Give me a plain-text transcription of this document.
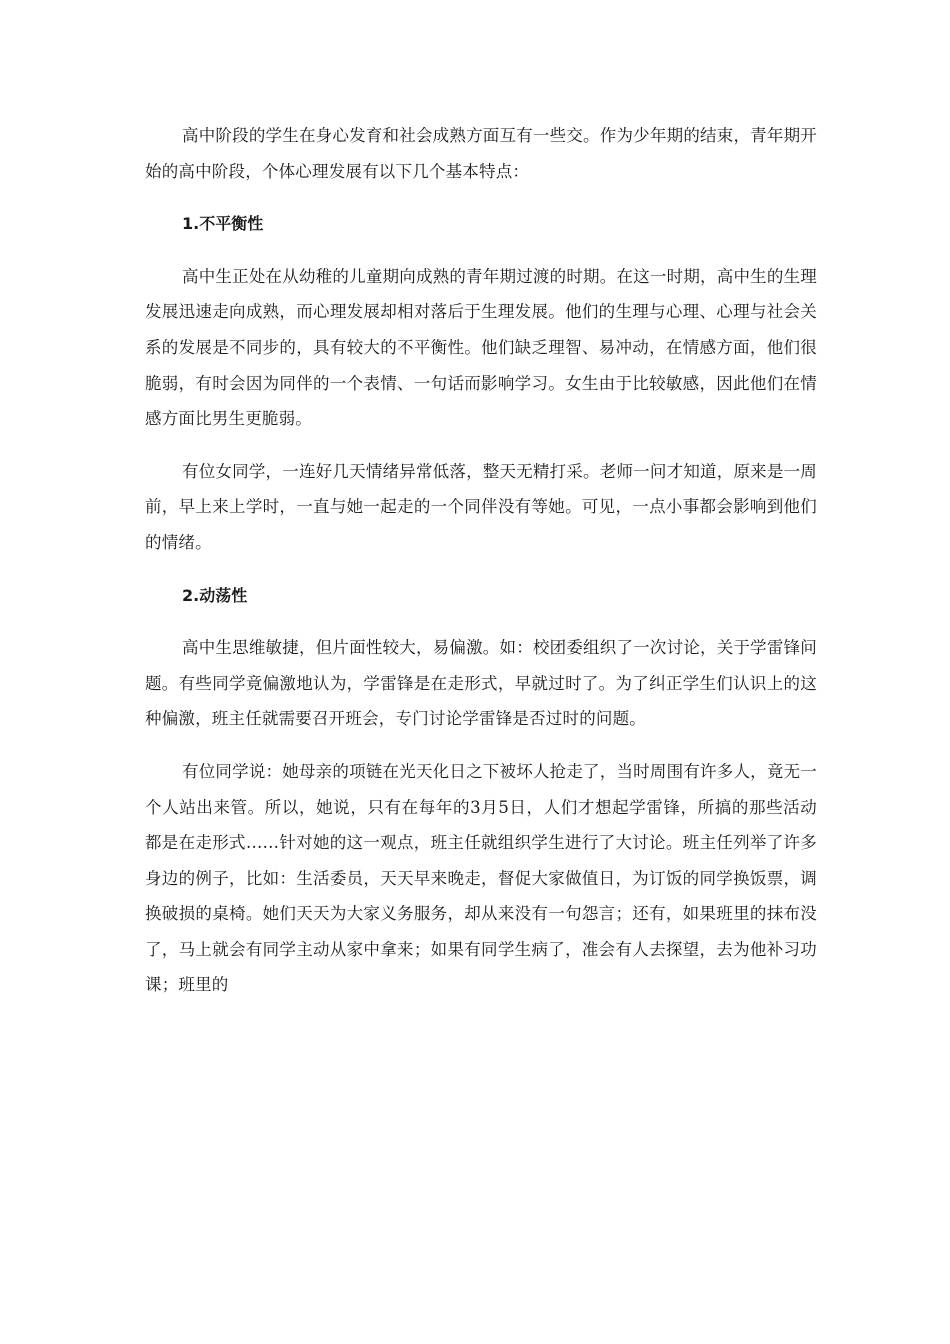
高中阶段的学生在身心发育和社会成熟方面互有一些交。作为少年期的结束，青年期开始的高中阶段，个体心理发展有以下几个基本特点：

1.不平衡性

高中生正处在从幼稚的儿童期向成熟的青年期过渡的时期。在这一时期，高中生的生理发展迅速走向成熟，而心理发展却相对落后于生理发展。他们的生理与心理、心理与社会关系的发展是不同步的，具有较大的不平衡性。他们缺乏理智、易冲动，在情感方面，他们很脆弱，有时会因为同伴的一个表情、一句话而影响学习。女生由于比较敏感，因此他们在情感方面比男生更脆弱。

有位女同学，一连好几天情绪异常低落，整天无精打采。老师一问才知道，原来是一周前，早上来上学时，一直与她一起走的一个同伴没有等她。可见，一点小事都会影响到他们的情绪。

2.动荡性

高中生思维敏捷，但片面性较大，易偏激。如：校团委组织了一次讨论，关于学雷锋问题。有些同学竟偏激地认为，学雷锋是在走形式，早就过时了。为了纠正学生们认识上的这种偏激，班主任就需要召开班会，专门讨论学雷锋是否过时的问题。

有位同学说：她母亲的项链在光天化日之下被坏人抢走了，当时周围有许多人，竟无一个人站出来管。所以，她说，只有在每年的3月5日，人们才想起学雷锋，所搞的那些活动都是在走形式……针对她的这一观点，班主任就组织学生进行了大讨论。班主任列举了许多身边的例子，比如：生活委员，天天早来晚走，督促大家做值日，为订饭的同学换饭票，调换破损的桌椅。她们天天为大家义务服务，却从来没有一句怨言；还有，如果班里的抹布没了，马上就会有同学主动从家中拿来；如果有同学生病了，准会有人去探望，去为他补习功课；班里的
